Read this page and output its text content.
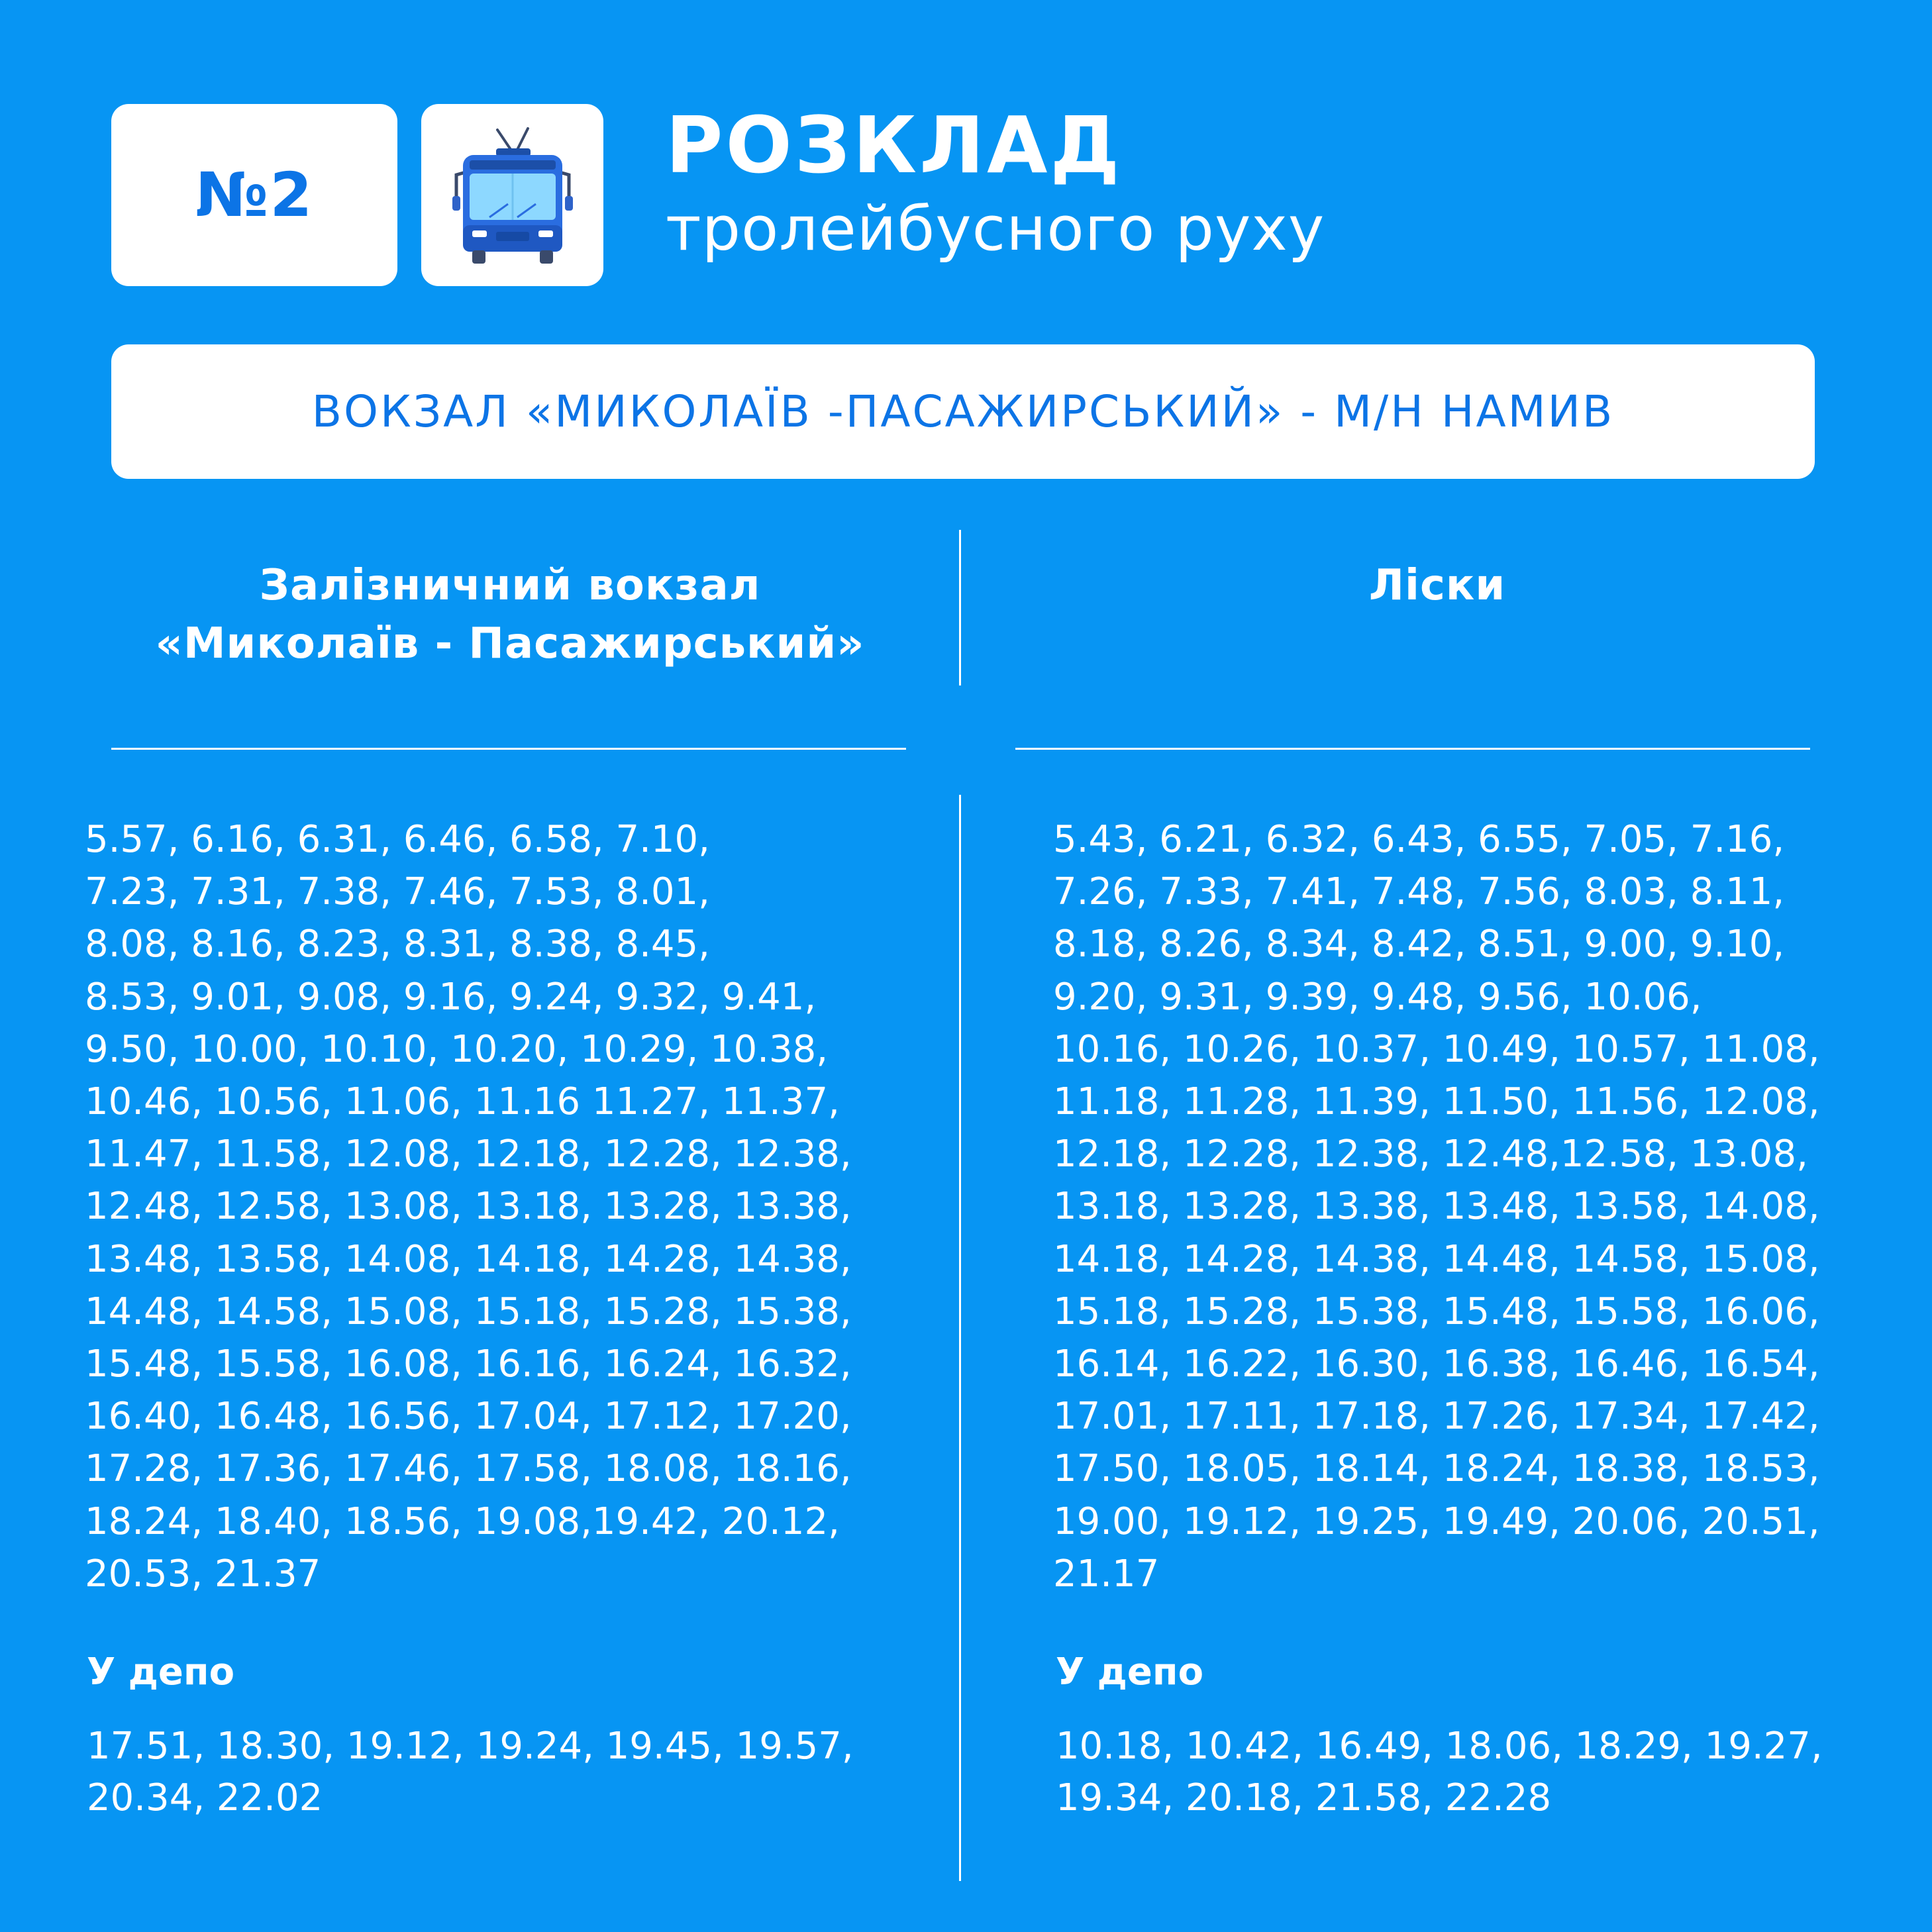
№2
РОЗКЛАД
тролейбусного руху
ВОКЗАЛ «МИКОЛАЇВ -ПАСАЖИРСЬКИЙ» - М/Н НАМИВ
Залізничний вокзал
«Миколаїв - Пасажирський»
Ліски
5.57, 6.16, 6.31, 6.46, 6.58, 7.10,
7.23, 7.31, 7.38, 7.46, 7.53, 8.01,
8.08, 8.16, 8.23, 8.31, 8.38, 8.45,
8.53, 9.01, 9.08, 9.16, 9.24, 9.32, 9.41,
9.50, 10.00, 10.10, 10.20, 10.29, 10.38,
10.46, 10.56, 11.06, 11.16 11.27, 11.37,
11.47, 11.58, 12.08, 12.18, 12.28, 12.38,
12.48, 12.58, 13.08, 13.18, 13.28, 13.38,
13.48, 13.58, 14.08, 14.18, 14.28, 14.38,
14.48, 14.58, 15.08, 15.18, 15.28, 15.38,
15.48, 15.58, 16.08, 16.16, 16.24, 16.32,
16.40, 16.48, 16.56, 17.04, 17.12, 17.20,
17.28, 17.36, 17.46, 17.58, 18.08, 18.16,
18.24, 18.40, 18.56, 19.08,19.42, 20.12,
20.53, 21.37
5.43, 6.21, 6.32, 6.43, 6.55, 7.05, 7.16,
7.26, 7.33, 7.41, 7.48, 7.56, 8.03, 8.11,
8.18, 8.26, 8.34, 8.42, 8.51, 9.00, 9.10,
9.20, 9.31, 9.39, 9.48, 9.56, 10.06,
10.16, 10.26, 10.37, 10.49, 10.57, 11.08,
11.18, 11.28, 11.39, 11.50, 11.56, 12.08,
12.18, 12.28, 12.38, 12.48,12.58, 13.08,
13.18, 13.28, 13.38, 13.48, 13.58, 14.08,
14.18, 14.28, 14.38, 14.48, 14.58, 15.08,
15.18, 15.28, 15.38, 15.48, 15.58, 16.06,
16.14, 16.22, 16.30, 16.38, 16.46, 16.54,
17.01, 17.11, 17.18, 17.26, 17.34, 17.42,
17.50, 18.05, 18.14, 18.24, 18.38, 18.53,
19.00, 19.12, 19.25, 19.49, 20.06, 20.51,
21.17
У депо	У депо
17.51, 18.30, 19.12, 19.24, 19.45, 19.57,
20.34, 22.02
10.18, 10.42, 16.49, 18.06, 18.29, 19.27,
19.34, 20.18, 21.58, 22.28
